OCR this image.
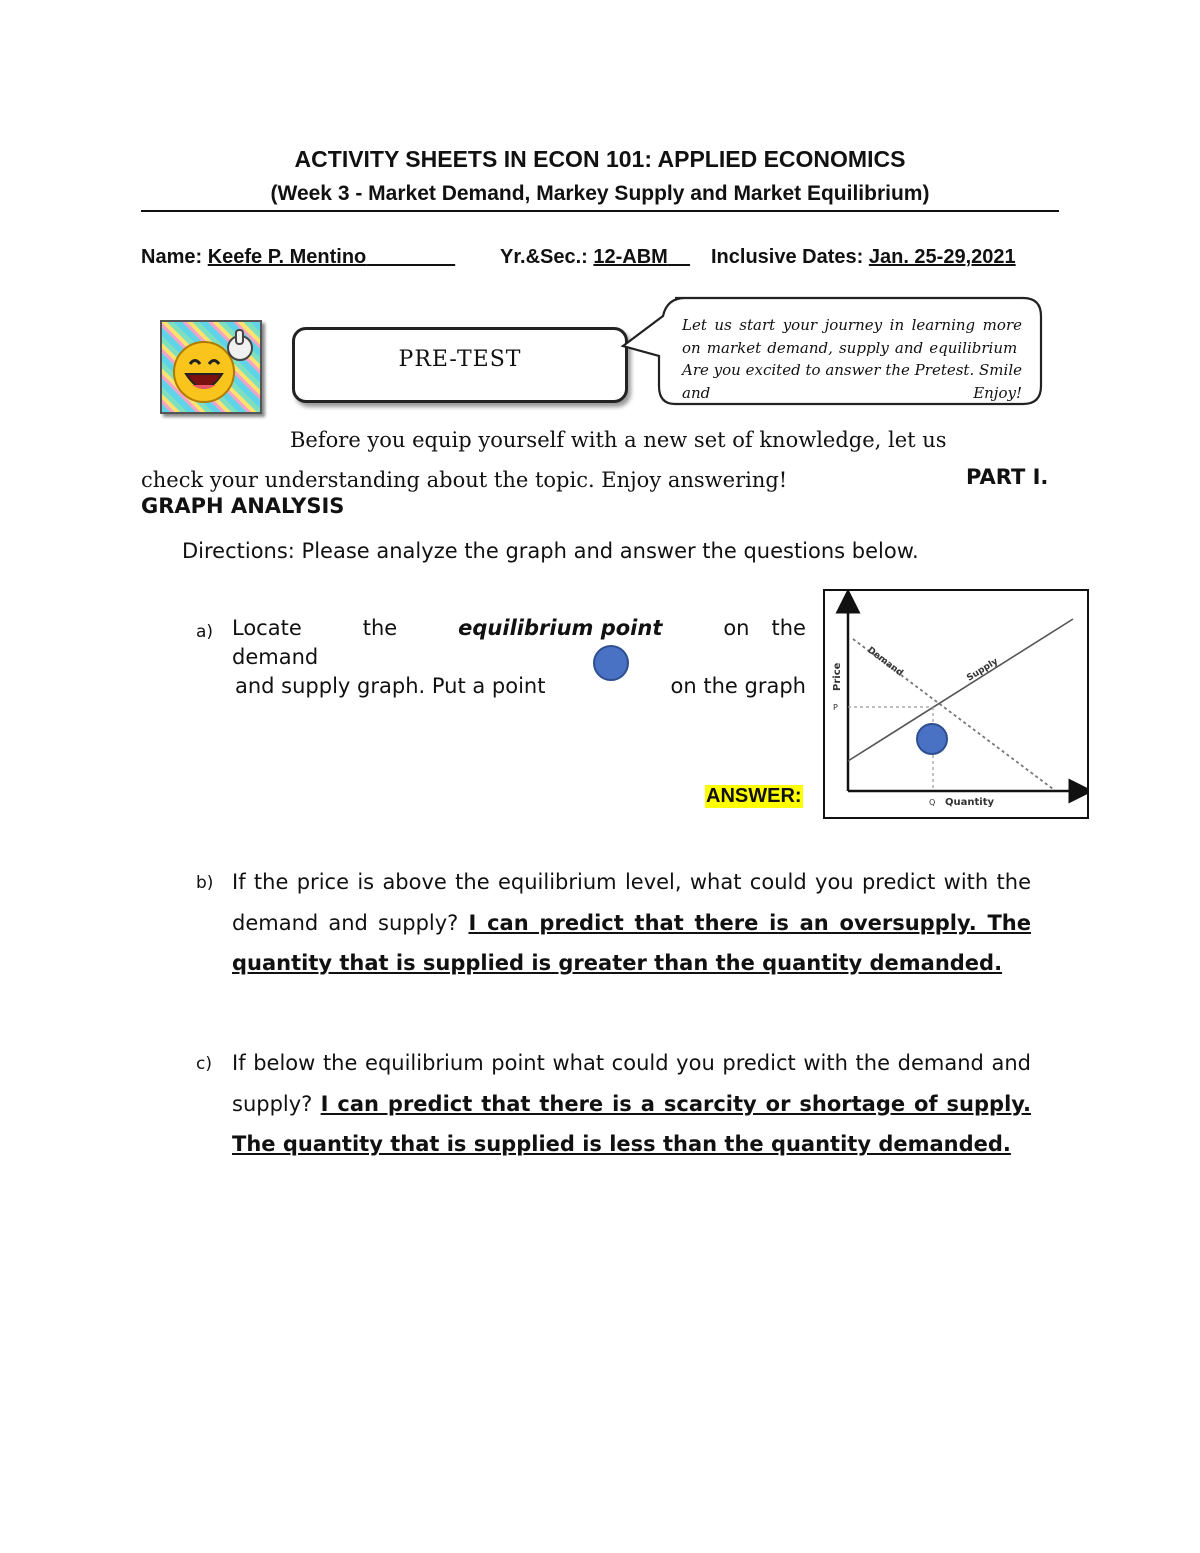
ACTIVITY SHEETS IN ECON 101: APPLIED ECONOMICS
(Week 3 - Market Demand, Markey Supply and Market Equilibrium)
Name: Keefe P. Mentino	Yr.&Sec.: 12-ABM	Inclusive Dates: Jan. 25-29,2021
PRE-TEST
Let us start your journey in learning more on market demand, supply and equilibrium  Are you excited to answer the Pretest. Smile and Enjoy!
Before you equip yourself with a new set of knowledge, let us
check your understanding about the topic. Enjoy answering!	PART I.
GRAPH ANALYSIS
Directions: Please analyze the graph and answer the questions below.
a) Locate	the	equilibrium point	on the
demand
and supply graph. Put a point	on the graph
ANSWER:
Price
P
Q Quantity
Demand	Supply
b) If the price is above the equilibrium level, what could you predict with the demand and supply? I can predict that there is an oversupply. The quantity that is supplied is greater than the quantity demanded.
c) If below the equilibrium point what could you predict with the demand and supply? I can predict that there is a scarcity or shortage of supply. The quantity that is supplied is less than the quantity demanded.
